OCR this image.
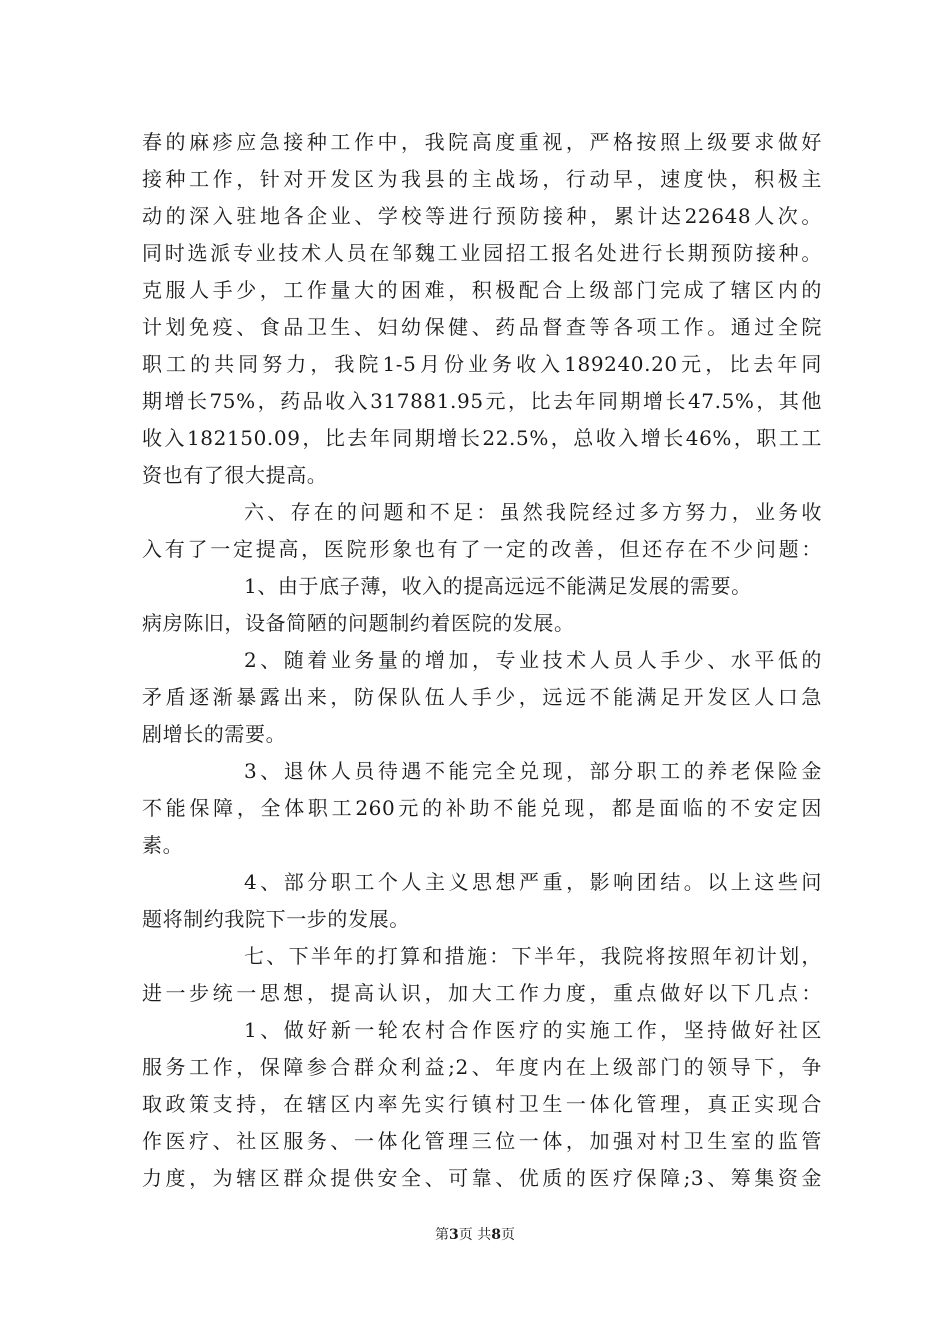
春的麻疹应急接种工作中，我院高度重视，严格按照上级要求做好
接种工作，针对开发区为我县的主战场，行动早，速度快，积极主
动的深入驻地各企业、学校等进行预防接种，累计达22648人次。
同时选派专业技术人员在邹魏工业园招工报名处进行长期预防接种。
克服人手少，工作量大的困难，积极配合上级部门完成了辖区内的
计划免疫、食品卫生、妇幼保健、药品督查等各项工作。通过全院
职工的共同努力，我院1-5月份业务收入189240.20元，比去年同
期增长75%，药品收入317881.95元，比去年同期增长47.5%，其他
收入182150.09，比去年同期增长22.5%，总收入增长46%，职工工
资也有了很大提高。
六、存在的问题和不足：虽然我院经过多方努力，业务收
入有了一定提高，医院形象也有了一定的改善，但还存在不少问题：
1、由于底子薄，收入的提高远远不能满足发展的需要。
病房陈旧，设备简陋的问题制约着医院的发展。
2、随着业务量的增加，专业技术人员人手少、水平低的
矛盾逐渐暴露出来，防保队伍人手少，远远不能满足开发区人口急
剧增长的需要。
3、退休人员待遇不能完全兑现，部分职工的养老保险金
不能保障，全体职工260元的补助不能兑现，都是面临的不安定因
素。
4、部分职工个人主义思想严重，影响团结。以上这些问
题将制约我院下一步的发展。
七、下半年的打算和措施：下半年，我院将按照年初计划，
进一步统一思想，提高认识，加大工作力度，重点做好以下几点：
1、做好新一轮农村合作医疗的实施工作，坚持做好社区
服务工作，保障参合群众利益;2、年度内在上级部门的领导下，争
取政策支持，在辖区内率先实行镇村卫生一体化管理，真正实现合
作医疗、社区服务、一体化管理三位一体，加强对村卫生室的监管
力度，为辖区群众提供安全、可靠、优质的医疗保障;3、筹集资金
第3页 共8页
